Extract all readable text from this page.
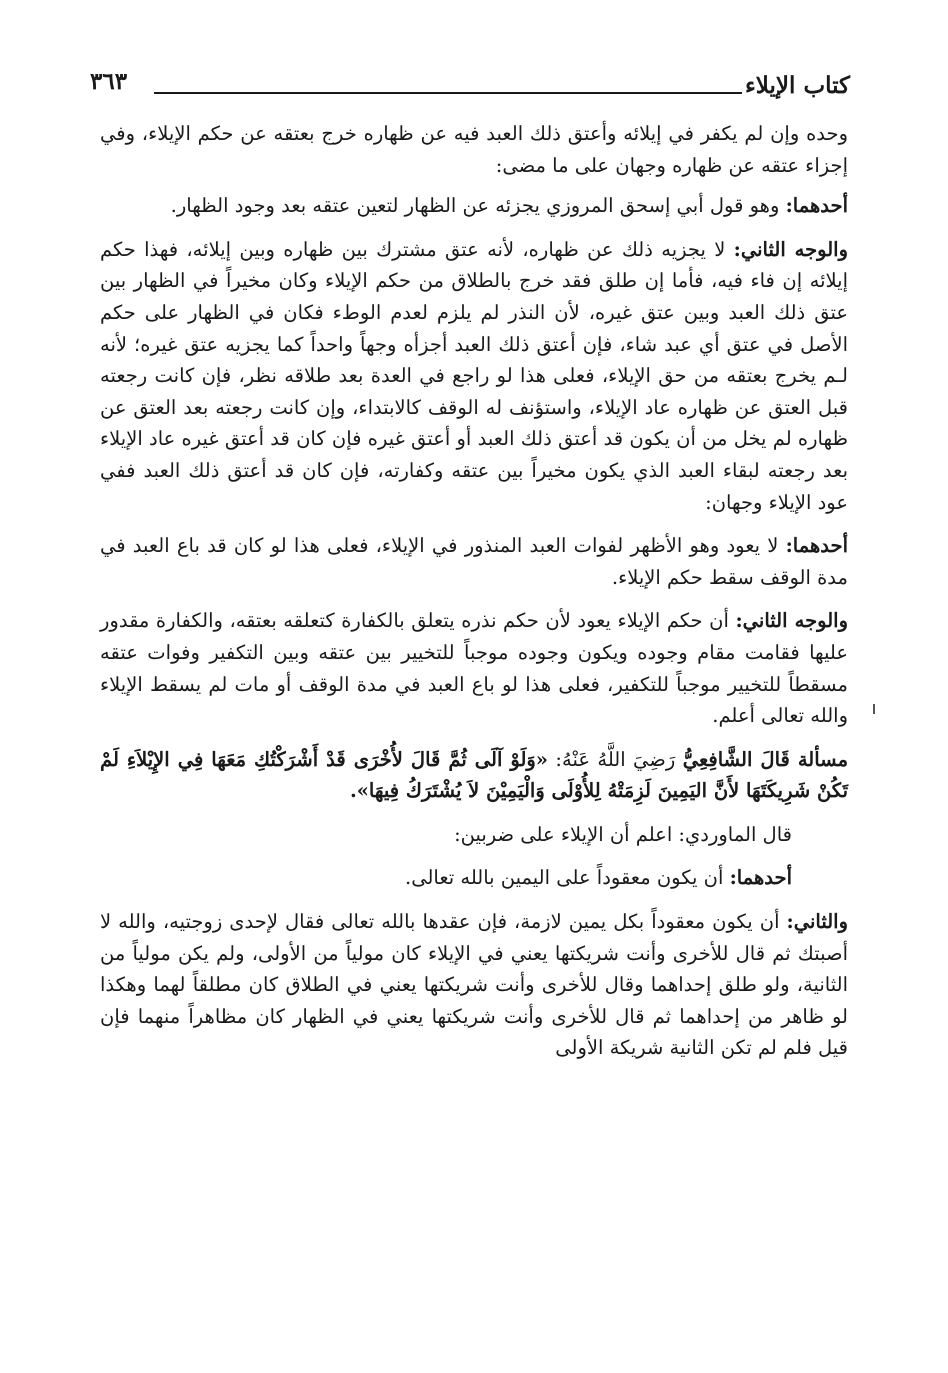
كتاب الإيلاء
٣٦٣

وحده وإن لم يكفر في إيلائه وأعتق ذلك العبد فيه عن ظهاره خرج بعتقه عن حكم الإيلاء، وفي إجزاء عتقه عن ظهاره وجهان على ما مضى:

أحدهما: وهو قول أبي إسحق المروزي يجزئه عن الظهار لتعين عتقه بعد وجود الظهار.

والوجه الثاني: لا يجزيه ذلك عن ظهاره، لأنه عتق مشترك بين ظهاره وبين إيلائه، فهذا حكم إيلائه إن فاء فيه، فأما إن طلق فقد خرج بالطلاق من حكم الإيلاء وكان مخيراً في الظهار بين عتق ذلك العبد وبين عتق غيره، لأن النذر لم يلزم لعدم الوطء فكان في الظهار على حكم الأصل في عتق أي عبد شاء، فإن أعتق ذلك العبد أجزأه وجهاً واحداً كما يجزيه عتق غيره؛ لأنه لـم يخرج بعتقه من حق الإيلاء، فعلى هذا لو راجع في العدة بعد طلاقه نظر، فإن كانت رجعته قبل العتق عن ظهاره عاد الإيلاء، واستؤنف له الوقف كالابتداء، وإن كانت رجعته بعد العتق عن ظهاره لم يخل من أن يكون قد أعتق ذلك العبد أو أعتق غيره فإن كان قد أعتق غيره عاد الإيلاء بعد رجعته لبقاء العبد الذي يكون مخيراً بين عتقه وكفارته، فإن كان قد أعتق ذلك العبد ففي عود الإيلاء وجهان:

أحدهما: لا يعود وهو الأظهر لفوات العبد المنذور في الإيلاء، فعلى هذا لو كان قد باع العبد في مدة الوقف سقط حكم الإيلاء.

والوجه الثاني: أن حكم الإيلاء يعود لأن حكم نذره يتعلق بالكفارة كتعلقه بعتقه، والكفارة مقدور عليها فقامت مقام وجوده ويكون وجوده موجباً للتخيير بين عتقه وبين التكفير وفوات عتقه مسقطاً للتخيير موجباً للتكفير، فعلى هذا لو باع العبد في مدة الوقف أو مات لم يسقط الإيلاء والله تعالى أعلم.

مسألة قَالَ الشَّافِعِيُّ رَضِيَ اللَّهُ عَنْهُ: «وَلَوْ آلَى ثُمَّ قَالَ لأُخْرَى قَدْ أَشْرَكْتُكِ مَعَهَا فِي الإِيْلاَءِ لَمْ تَكُنْ شَرِيكَتَهَا لأَنَّ اليَمِينَ لَزِمَتْهُ لِلأُوْلَى وَالْيَمِيْنَ لاَ يُشْتَرَكُ فِيهَا».

قال الماوردي: اعلم أن الإيلاء على ضربين:

أحدهما: أن يكون معقوداً على اليمين بالله تعالى.

والثاني: أن يكون معقوداً بكل يمين لازمة، فإن عقدها بالله تعالى فقال لإحدى زوجتيه، والله لا أصبتك ثم قال للأخرى وأنت شريكتها يعني في الإيلاء كان مولياً من الأولى، ولم يكن مولياً من الثانية، ولو طلق إحداهما وقال للأخرى وأنت شريكتها يعني في الطلاق كان مطلقاً لهما وهكذا لو ظاهر من إحداهما ثم قال للأخرى وأنت شريكتها يعني في الظهار كان مظاهراً منهما فإن قيل فلم لم تكن الثانية شريكة الأولى
